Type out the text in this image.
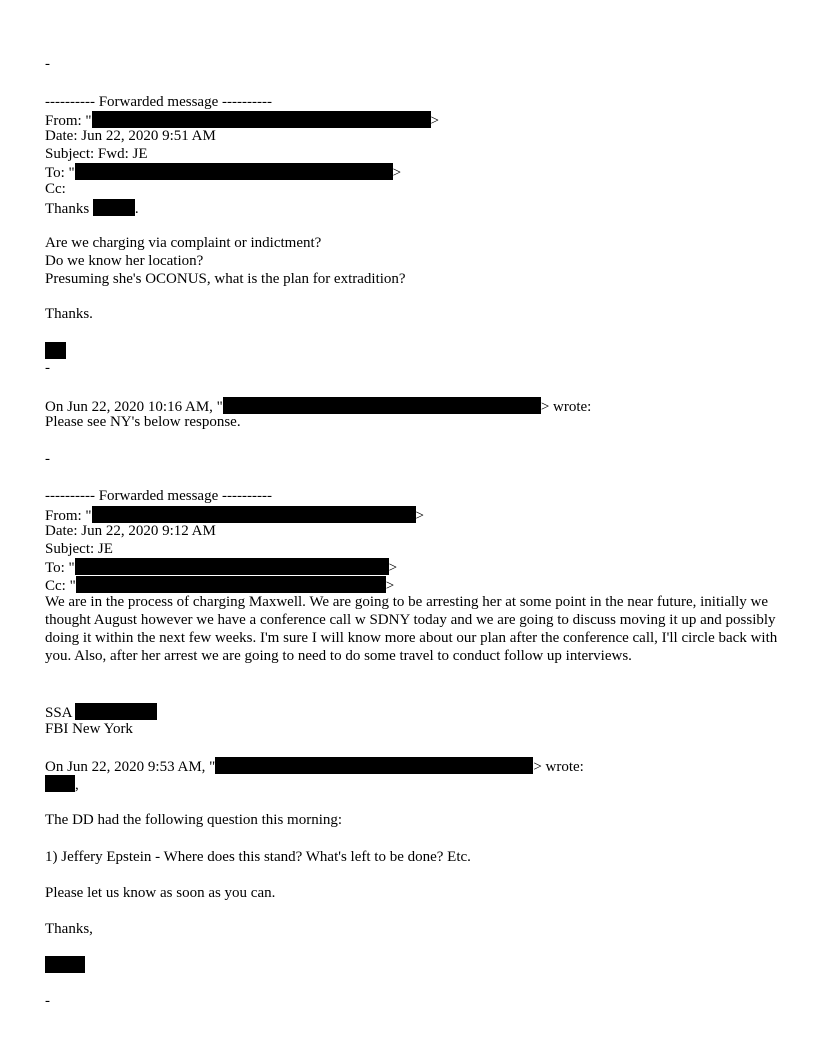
-
---------- Forwarded message ----------
From: "	>
Date: Jun 22, 2020 9:51 AM
Subject: Fwd: JE
To: "	>
Cc:
Thanks	.
Are we charging via complaint or indictment?
Do we know her location?
Presuming she's OCONUS, what is the plan for extradition?
Thanks.
-
On Jun 22, 2020 10:16 AM, "	> wrote:
Please see NY's below response.
-
---------- Forwarded message ----------
From: "	>
Date: Jun 22, 2020 9:12 AM
Subject: JE
To: "	>
Cc: "	>
We are in the process of charging Maxwell. We are going to be arresting her at some point in the near future, initially we thought August however we have a conference call w SDNY today and we are going to discuss moving it up and possibly doing it within the next few weeks. I'm sure I will know more about our plan after the conference call, I'll circle back with you. Also, after her arrest we are going to need to do some travel to conduct follow up interviews.
SSA
FBI New York
On Jun 22, 2020 9:53 AM, "	> wrote:
,
The DD had the following question this morning:
1) Jeffery Epstein - Where does this stand? What's left to be done? Etc.
Please let us know as soon as you can.
Thanks,
-
